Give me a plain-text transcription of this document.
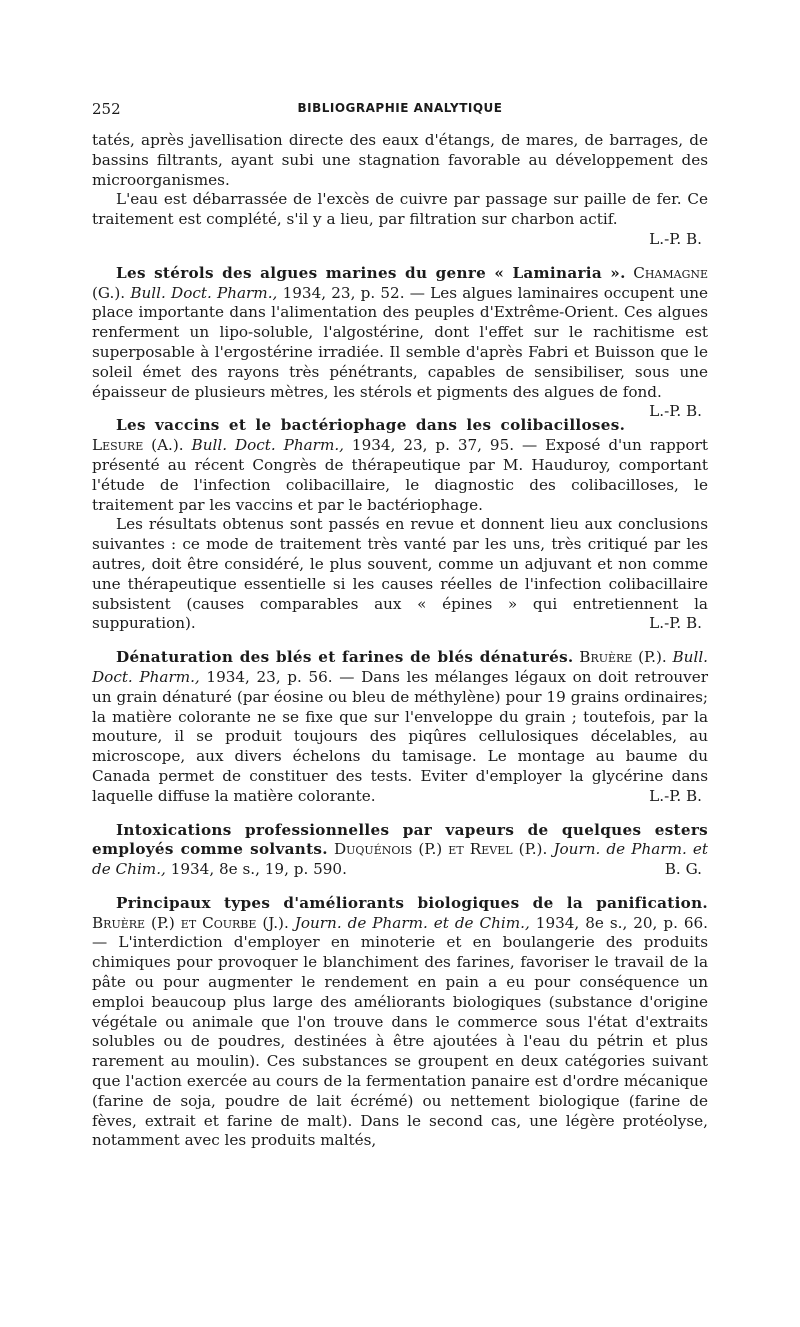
252	BIBLIOGRAPHIE ANALYTIQUE

tatés, après javellisation directe des eaux d'étangs, de mares, de barrages, de bassins filtrants, ayant subi une stagnation favorable au développement des microorganismes.

L'eau est débarrassée de l'excès de cuivre par passage sur paille de fer. Ce traitement est complété, s'il y a lieu, par filtration sur charbon actif.

L.-P. B.

Les stérols des algues marines du genre « Laminaria ». Chamagne (G.). Bull. Doct. Pharm., 1934, 23, p. 52. — Les algues laminaires occupent une place importante dans l'alimentation des peuples d'Extrême-Orient. Ces algues renferment un lipo-soluble, l'algostérine, dont l'effet sur le rachitisme est superposable à l'ergostérine irradiée. Il semble d'après Fabri et Buisson que le soleil émet des rayons très pénétrants, capables de sensibiliser, sous une épaisseur de plusieurs mètres, les stérols et pigments des algues de fond.
L.-P. B.

Les vaccins et le bactériophage dans les colibacilloses. Lesure (A.). Bull. Doct. Pharm., 1934, 23, p. 37, 95. — Exposé d'un rapport présenté au récent Congrès de thérapeutique par M. Hauduroy, comportant l'étude de l'infection colibacillaire, le diagnostic des colibacilloses, le traitement par les vaccins et par le bactériophage.

Les résultats obtenus sont passés en revue et donnent lieu aux conclusions suivantes : ce mode de traitement très vanté par les uns, très critiqué par les autres, doit être considéré, le plus souvent, comme un adjuvant et non comme une thérapeutique essentielle si les causes réelles de l'infection colibacillaire subsistent (causes comparables aux « épines » qui entretiennent la suppuration).	L.-P. B.

Dénaturation des blés et farines de blés dénaturés. Bruère (P.). Bull. Doct. Pharm., 1934, 23, p. 56. — Dans les mélanges légaux on doit retrouver un grain dénaturé (par éosine ou bleu de méthylène) pour 19 grains ordinaires; la matière colorante ne se fixe que sur l'enveloppe du grain ; toutefois, par la mouture, il se produit toujours des piqûres cellulosiques décelables, au microscope, aux divers échelons du tamisage. Le montage au baume du Canada permet de constituer des tests. Eviter d'employer la glycérine dans laquelle diffuse la matière colorante.	L.-P. B.

Intoxications professionnelles par vapeurs de quelques esters employés comme solvants. Duquénois (P.) et Revel (P.). Journ. de Pharm. et de Chim., 1934, 8e s., 19, p. 590.	B. G.

Principaux types d'améliorants biologiques de la panification. Bruère (P.) et Courbe (J.). Journ. de Pharm. et de Chim., 1934, 8e s., 20, p. 66. — L'interdiction d'employer en minoterie et en boulangerie des produits chimiques pour provoquer le blanchiment des farines, favoriser le travail de la pâte ou pour augmenter le rendement en pain a eu pour conséquence un emploi beaucoup plus large des améliorants biologiques (substance d'origine végétale ou animale que l'on trouve dans le commerce sous l'état d'extraits solubles ou de poudres, destinées à être ajoutées à l'eau du pétrin et plus rarement au moulin). Ces substances se groupent en deux catégories suivant que l'action exercée au cours de la fermentation panaire est d'ordre mécanique (farine de soja, poudre de lait écrémé) ou nettement biologique (farine de fèves, extrait et farine de malt). Dans le second cas, une légère protéolyse, notamment avec les produits maltés,
